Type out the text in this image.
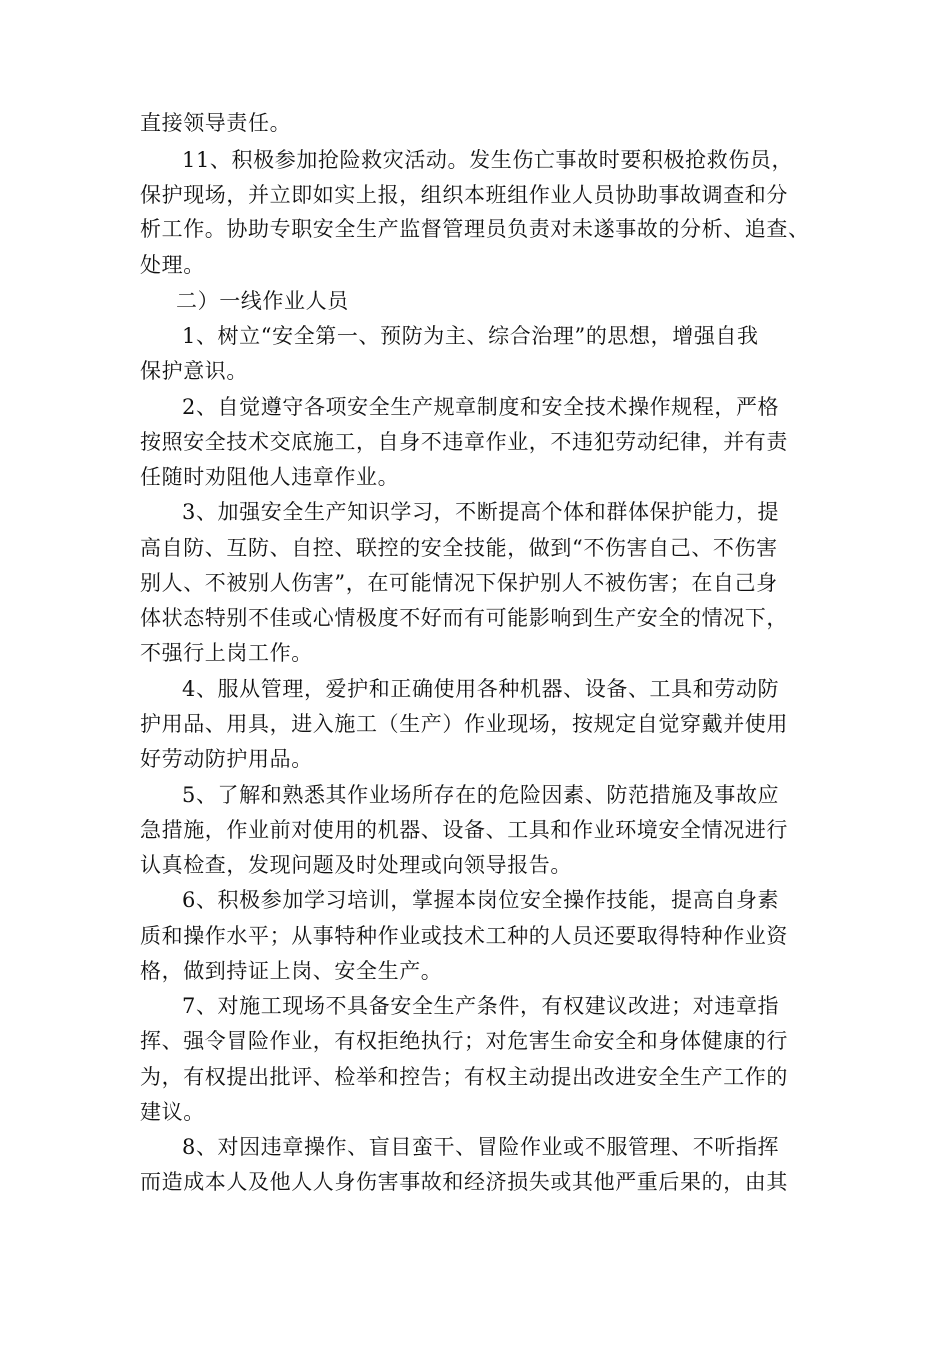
直接领导责任。
11、积极参加抢险救灾活动。发生伤亡事故时要积极抢救伤员，
保护现场，并立即如实上报，组织本班组作业人员协助事故调查和分
析工作。协助专职安全生产监督管理员负责对未遂事故的分析、追查、
处理。
二）一线作业人员
1、树立“安全第一、预防为主、综合治理”的思想，增强自我
保护意识。
2、自觉遵守各项安全生产规章制度和安全技术操作规程，严格
按照安全技术交底施工，自身不违章作业，不违犯劳动纪律，并有责
任随时劝阻他人违章作业。
3、加强安全生产知识学习，不断提高个体和群体保护能力，提
高自防、互防、自控、联控的安全技能，做到“不伤害自己、不伤害
别人、不被别人伤害”，在可能情况下保护别人不被伤害；在自己身
体状态特别不佳或心情极度不好而有可能影响到生产安全的情况下，
不强行上岗工作。
4、服从管理，爱护和正确使用各种机器、设备、工具和劳动防
护用品、用具，进入施工（生产）作业现场，按规定自觉穿戴并使用
好劳动防护用品。
5、了解和熟悉其作业场所存在的危险因素、防范措施及事故应
急措施，作业前对使用的机器、设备、工具和作业环境安全情况进行
认真检查，发现问题及时处理或向领导报告。
6、积极参加学习培训，掌握本岗位安全操作技能，提高自身素
质和操作水平；从事特种作业或技术工种的人员还要取得特种作业资
格，做到持证上岗、安全生产。
7、对施工现场不具备安全生产条件，有权建议改进；对违章指
挥、强令冒险作业，有权拒绝执行；对危害生命安全和身体健康的行
为，有权提出批评、检举和控告；有权主动提出改进安全生产工作的
建议。
8、对因违章操作、盲目蛮干、冒险作业或不服管理、不听指挥
而造成本人及他人人身伤害事故和经济损失或其他严重后果的，由其
